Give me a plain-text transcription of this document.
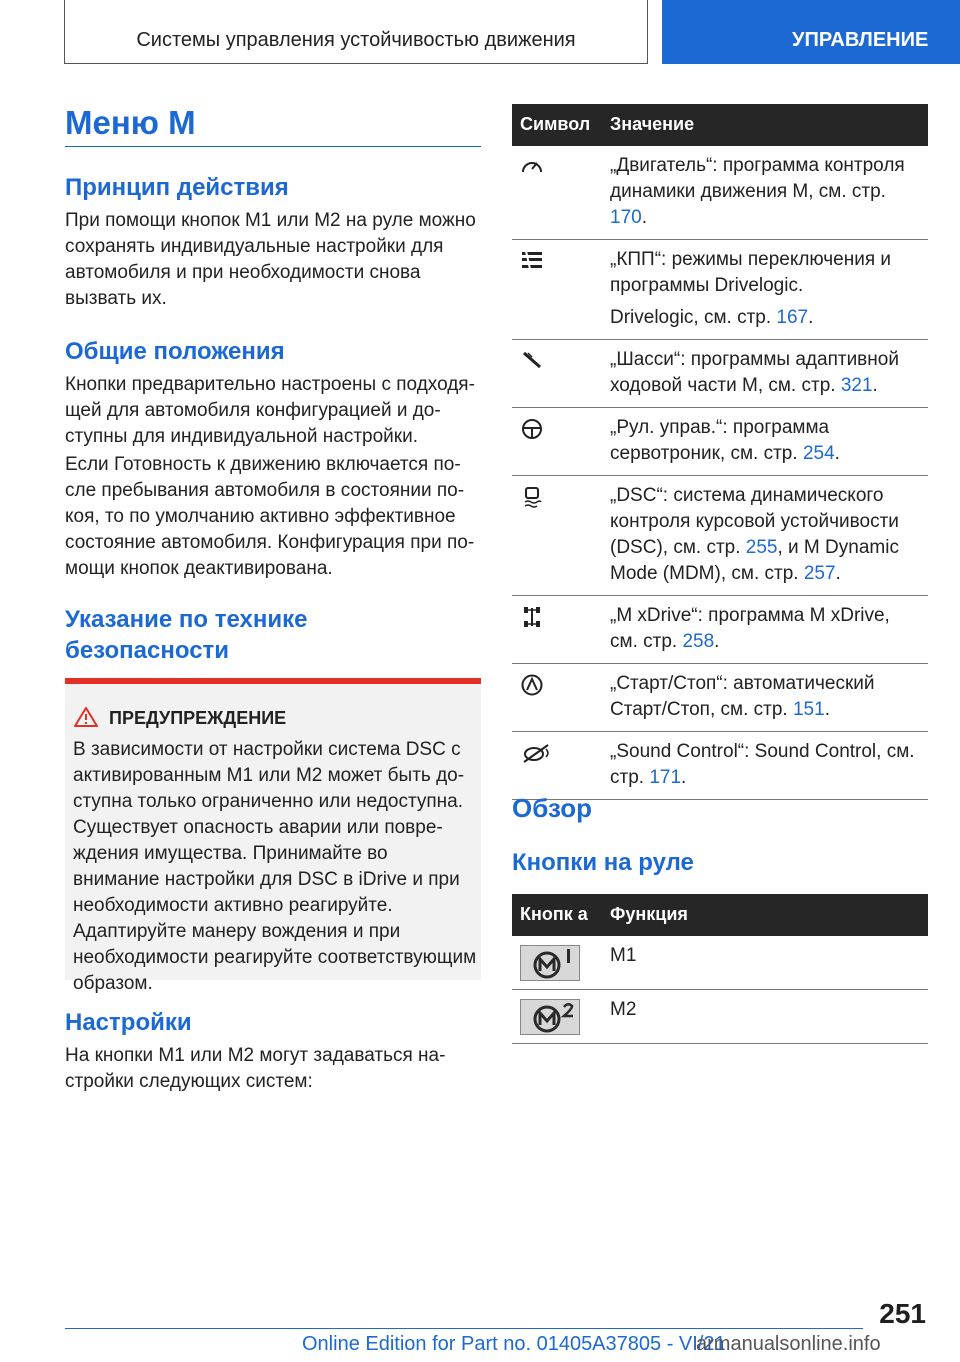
Системы управления устойчивостью движения	УПРАВЛЕНИЕ
Меню М
Принцип действия

При помощи кнопок М1 или М2 на руле можно сохранять индивидуальные настройки для автомобиля и при необходимости снова вызвать их.

Общие положения

Кнопки предварительно настроены с подходящей для автомобиля конфигурацией и доступны для индивидуальной настройки.

Если Готовность к движению включается после пребывания автомобиля в состоянии покоя, то по умолчанию активно эффективное состояние автомобиля. Конфигурация при помощи кнопок деактивирована.

Указание по технике безопасности
ПРЕДУПРЕЖДЕНИЕ
В зависимости от настройки система DSC с активированным М1 или М2 может быть доступна только ограниченно или недоступна. Существует опасность аварии или повреждения имущества. Принимайте во внимание настройки для DSC в iDrive и при необходимости активно реагируйте. Адаптируйте манеру вождения и при необходимости реагируйте соответствующим образом.
Настройки

На кнопки М1 или М2 могут задаваться настройки следующих систем:

Символ	Значение

„Двигатель“: программа контроля динамики движения М, см. стр. 170.

„КПП“: режимы переключения и программы Drivelogic.

Drivelogic, см. стр. 167.

„Шасси“: программы адаптивной ходовой части М, см. стр. 321.

„Рул. управ.“: программа сервотроник, см. стр. 254.

„DSC“: система динамического контроля курсовой устойчивости (DSC), см. стр. 255, и M Dynamic Mode (MDM), см. стр. 257.

„M xDrive“: программа M xDrive, см. стр. 258.

„Старт/Стоп“: автоматический Старт/Стоп, см. стр. 151.

„Sound Control“: Sound Control, см. стр. 171.

Обзор
Кнопки на руле
Кнопк а	Функция

	М1

	М2
251
Online Edition for Part no. 01405A37805 - VI/21
armanualsonline.info
